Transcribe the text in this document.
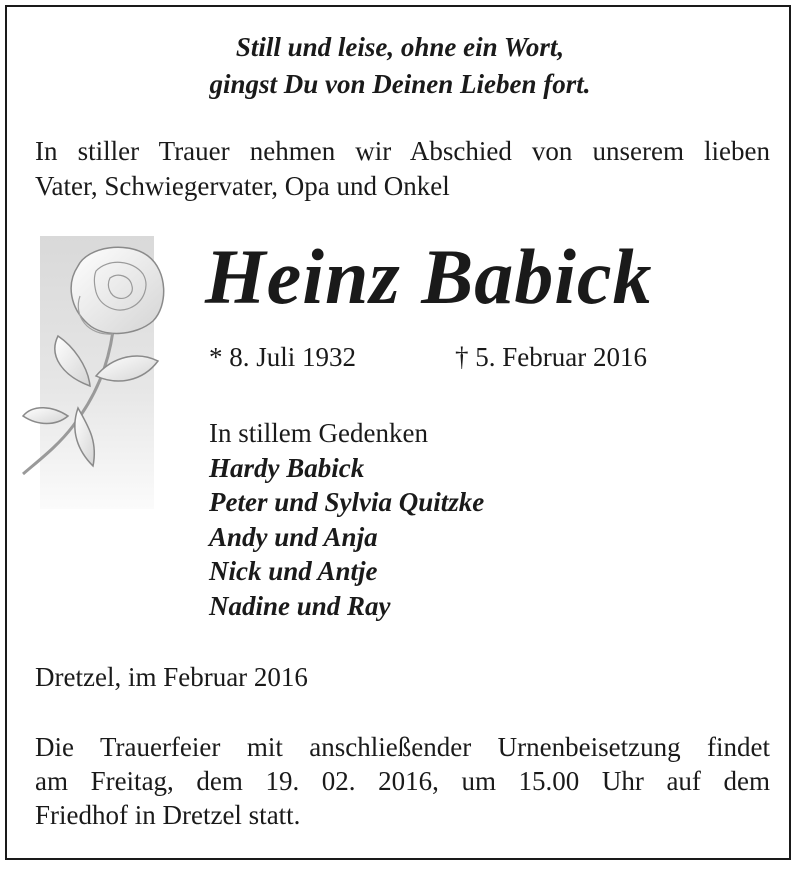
Still und leise, ohne ein Wort,
gingst Du von Deinen Lieben fort.
In stiller Trauer nehmen wir Abschied von unserem lieben
Vater, Schwiegervater, Opa und Onkel
Heinz Babick
* 8. Juli 1932	† 5. Februar 2016
In stillem Gedenken
Hardy Babick
Peter und Sylvia Quitzke
Andy und Anja
Nick und Antje
Nadine und Ray
Dretzel, im Februar 2016
Die Trauerfeier mit anschließender Urnenbeisetzung findet
am Freitag, dem 19. 02. 2016, um 15.00 Uhr auf dem
Friedhof in Dretzel statt.
